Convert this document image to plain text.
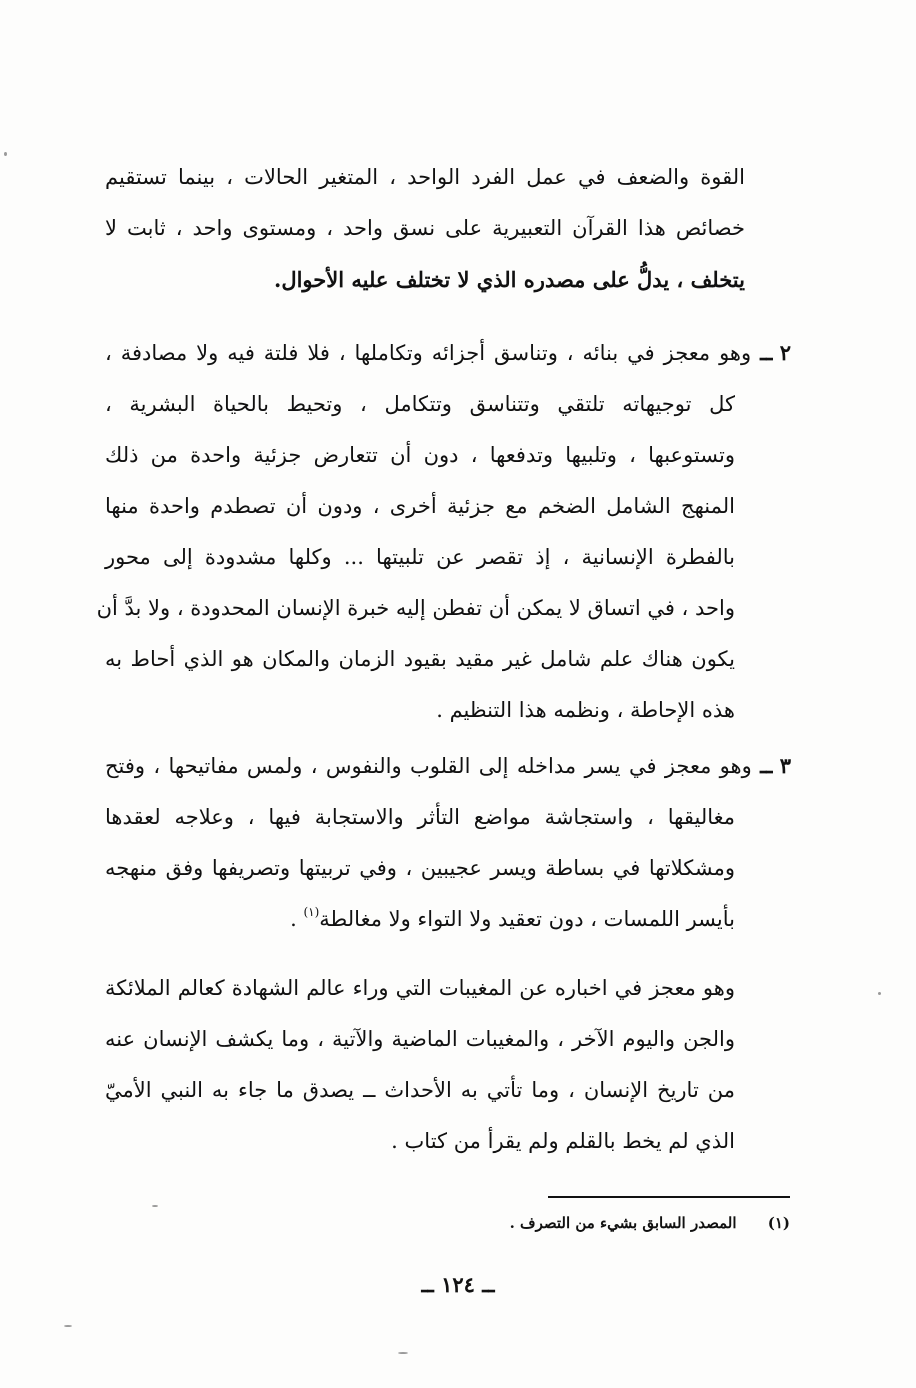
القوة والضعف في عمل الفرد الواحد ، المتغير الحالات ، بينما تستقيم
خصائص هذا القرآن التعبيرية على نسق واحد ، ومستوى واحد ، ثابت لا
يتخلف ، يدلُّ على مصدره الذي لا تختلف عليه الأحوال.
٢ ــ وهو معجز في بنائه ، وتناسق أجزائه وتكاملها ، فلا فلتة فيه ولا مصادفة ،
كل توجيهاته تلتقي وتتناسق وتتكامل ، وتحيط بالحياة البشرية ،
وتستوعبها ، وتلبيها وتدفعها ، دون أن تتعارض جزئية واحدة من ذلك
المنهج الشامل الضخم مع جزئية أخرى ، ودون أن تصطدم واحدة منها
بالفطرة الإنسانية ، إذ تقصر عن تلبيتها ... وكلها مشدودة إلى محور
واحد ، في اتساق لا يمكن أن تفطن إليه خبرة الإنسان المحدودة ، ولا بدَّ أن
يكون هناك علم شامل غير مقيد بقيود الزمان والمكان هو الذي أحاط به
هذه الإحاطة ، ونظمه هذا التنظيم .
٣ ــ وهو معجز في يسر مداخله إلى القلوب والنفوس ، ولمس مفاتيحها ، وفتح
مغاليقها ، واستجاشة مواضع التأثر والاستجابة فيها ، وعلاجه لعقدها
ومشكلاتها في بساطة ويسر عجيبين ، وفي تربيتها وتصريفها وفق منهجه
بأيسر اللمسات ، دون تعقيد ولا التواء ولا مغالطة$^{(١)}$ .
وهو معجز في اخباره عن المغيبات التي وراء عالم الشهادة كعالم الملائكة
والجن واليوم الآخر ، والمغيبات الماضية والآتية ، وما يكشف الإنسان عنه
من تاريخ الإنسان ، وما تأتي به الأحداث ــ يصدق ما جاء به النبي الأميّ
الذي لم يخط بالقلم ولم يقرأ من كتاب .
(١) المصدر السابق بشيء من التصرف .
ــ ١٢٤ ــ
